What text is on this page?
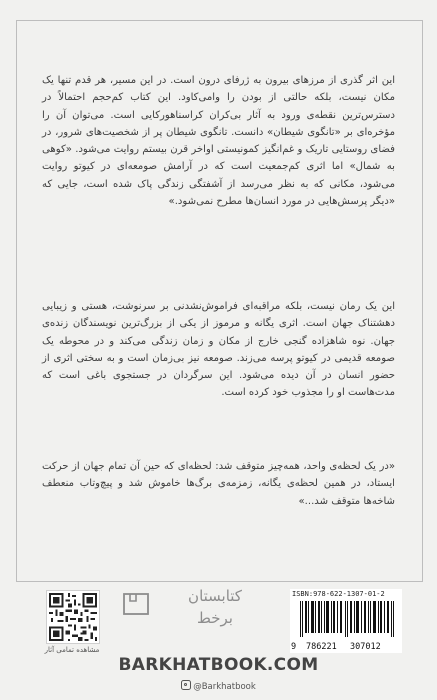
این اثر گذری از مرزهای بیرون به ژرفای درون است. در این مسیر، هر قدم تنها یک مکان نیست، بلکه حالتی از بودن را وامی‌کاود. این کتاب کم‌حجم احتمالاً در دسترس‌ترین نقطه‌ی ورود به آثار بی‌کران کراسناهورکایی است. می‌توان آن را مؤخره‌ای بر «تانگوی شیطان» دانست. تانگوی شیطان پر از شخصیت‌های شرور، در فضای روستایی تاریک و غم‌انگیز کمونیستی اواخر قرن بیستم روایت می‌شود. «کوهی به شمال» اما اثری کم‌جمعیت است که در آرامش صومعه‌ای در کیوتو روایت می‌شود، مکانی که به نظر می‌رسد از آشفتگی زندگی پاک شده است، جایی که «دیگر پرسش‌هایی در مورد انسان‌ها مطرح نمی‌شود.»

این یک رمان نیست، بلکه مراقبه‌ای فراموش‌نشدنی بر سرنوشت، هستی و زیبایی دهشتناک جهان است. اثری یگانه و مرموز از یکی از بزرگ‌ترین نویسندگان زنده‌ی جهان. نوه شاهزاده گنجی خارج از مکان و زمان زندگی می‌کند و در محوطه یک صومعه قدیمی در کیوتو پرسه می‌زند. صومعه نیز بی‌زمان است و به سختی اثری از حضور انسان در آن دیده می‌شود. این سرگردان در جستجوی باغی است که مدت‌هاست او را مجذوب خود کرده است.

«در یک لحظه‌ی واحد، همه‌چیز متوقف شد: لحظه‌ای که حین آن تمام جهان از حرکت ایستاد، در همین لحظه‌ی یگانه، زمزمه‌ی برگ‌ها خاموش شد و پیچ‌وتاب منعطف شاخه‌ها متوقف شد...»

مشاهده تمامی آثار
کتابستان
برخط
ISBN:978-622-1307-01-2
9 786221 307012
BARKHATBOOK.COM
@Barkhatbook
